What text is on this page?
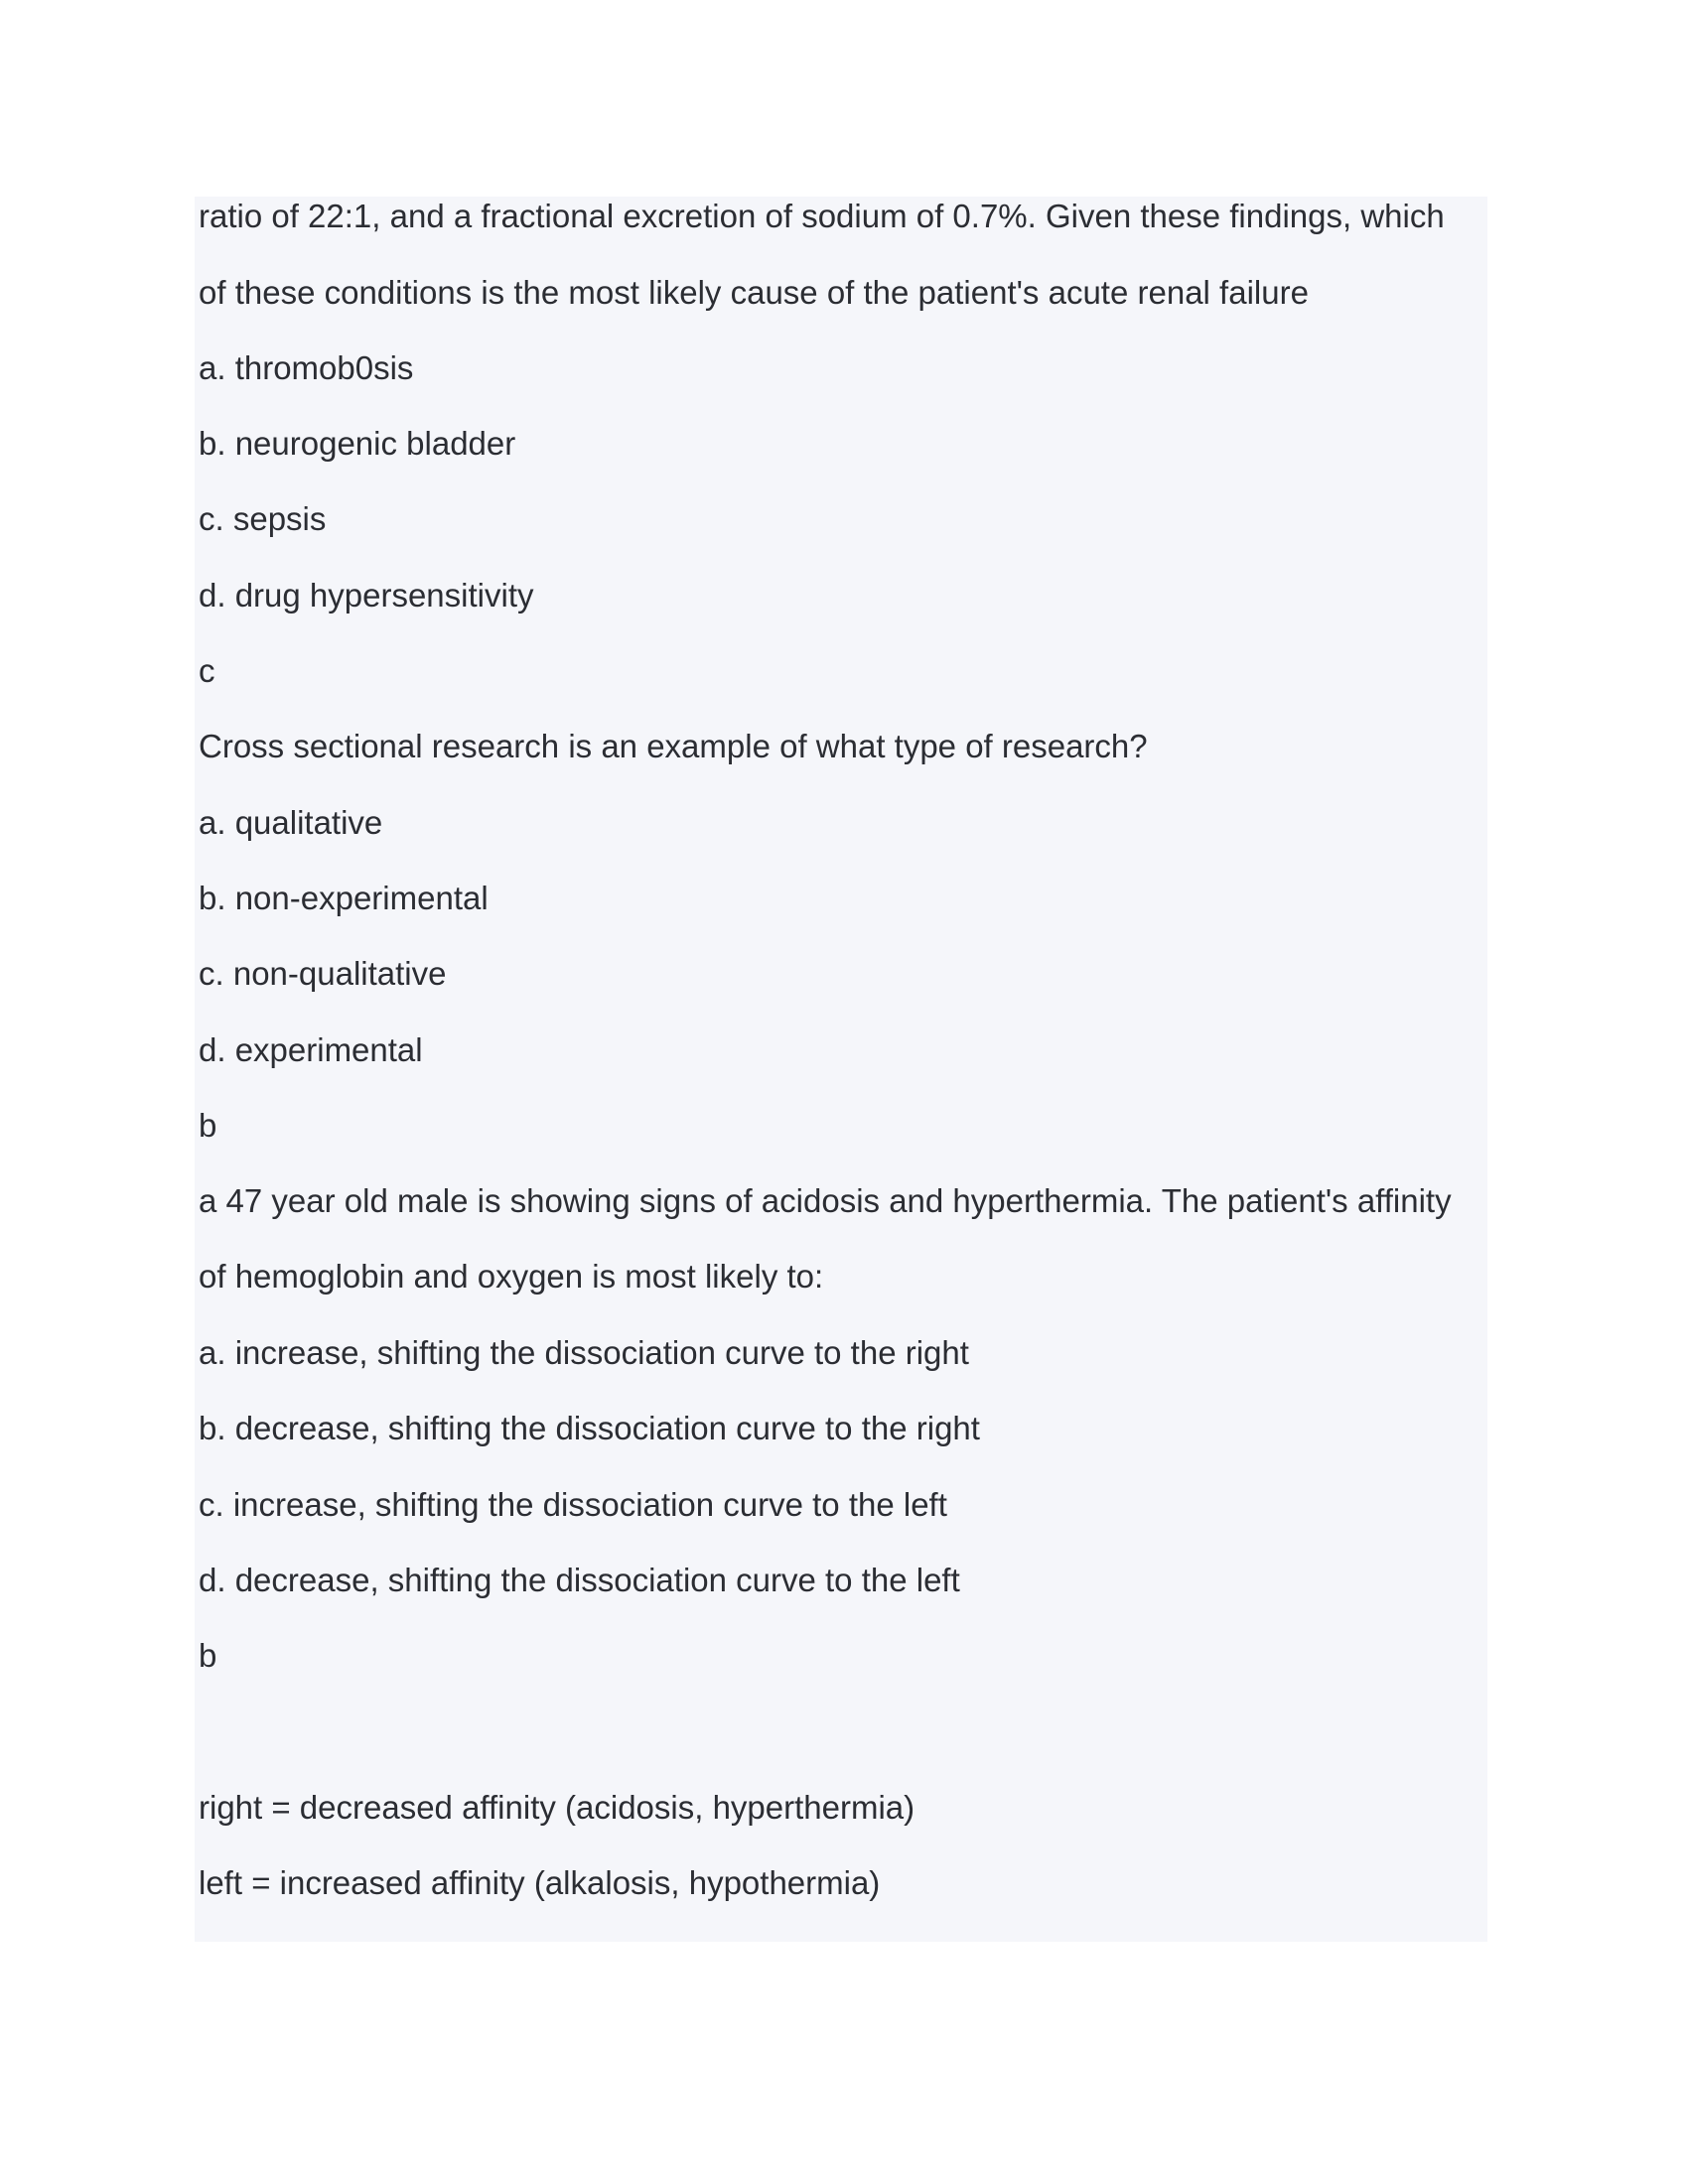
ratio of 22:1, and a fractional excretion of sodium of 0.7%. Given these findings, which

of these conditions is the most likely cause of the patient's acute renal failure

a. thromob0sis

b. neurogenic bladder

c. sepsis

d. drug hypersensitivity

c

Cross sectional research is an example of what type of research?

a. qualitative

b. non-experimental

c. non-qualitative

d. experimental

b

a 47 year old male is showing signs of acidosis and hyperthermia. The patient's affinity

of hemoglobin and oxygen is most likely to:

a. increase, shifting the dissociation curve to the right

b. decrease, shifting the dissociation curve to the right

c. increase, shifting the dissociation curve to the left

d. decrease, shifting the dissociation curve to the left

b

right = decreased affinity (acidosis, hyperthermia)

left = increased affinity (alkalosis, hypothermia)
